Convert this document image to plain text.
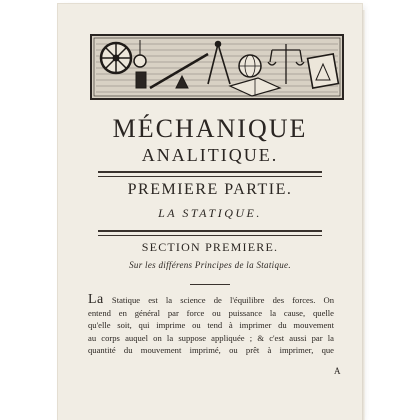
MÉCHANIQUE
ANALITIQUE.
PREMIERE PARTIE.
LA STATIQUE.
SECTION PREMIERE.
Sur les différens Principes de la Statique.
La Statique est la science de l'équilibre des forces. On
entend en général par force ou puissance la cause, quelle
qu'elle soit, qui imprime ou tend à imprimer du mouvement
au corps auquel on la suppose appliquée ; & c'est aussi par la
quantité du mouvement imprimé, ou prêt à imprimer, que
A
